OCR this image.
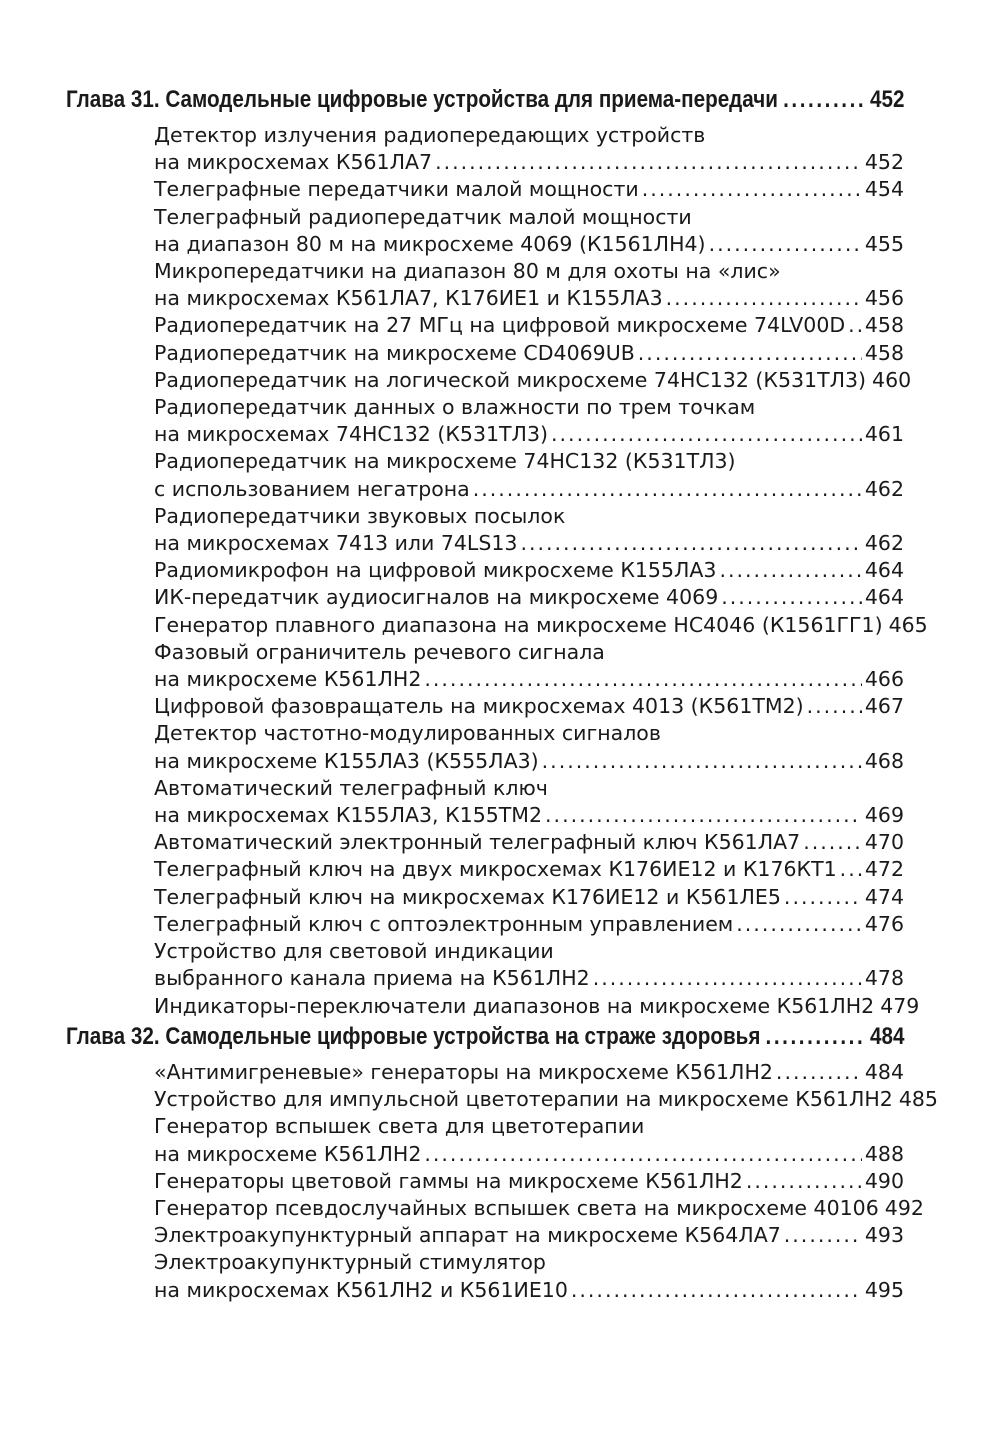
Глава 31. Самодельные цифровые устройства для приема-передачи .....	452
Детектор излучения радиопередающих устройств
на микросхемах К561ЛА7 .....	452
Телеграфные передатчики малой мощности .....	454
Телеграфный радиопередатчик малой мощности
на диапазон 80 м на микросхеме 4069 (К1561ЛН4) .....	455
Микропередатчики на диапазон 80 м для охоты на «лис»
на микросхемах К561ЛА7, К176ИЕ1 и К155ЛА3 .....	456
Радиопередатчик на 27 МГц на цифровой микросхеме 74LV00D ..... 458
Радиопередатчик на микросхеме CD4069UB .....	458
Радиопередатчик на логической микросхеме 74НС132 (К531ТЛ3) 460
Радиопередатчик данных о влажности по трем точкам
на микросхемах 74НС132 (К531ТЛ3) .....	461
Радиопередатчик на микросхеме 74НС132 (К531ТЛ3)
с использованием негатрона .....	462
Радиопередатчики звуковых посылок
на микросхемах 7413 или 74LS13 .....	462
Радиомикрофон на цифровой микросхеме К155ЛА3 .....	464
ИК-передатчик аудиосигналов на микросхеме 4069 .....	464
Генератор плавного диапазона на микросхеме НС4046 (К1561ГГ1) 465
Фазовый ограничитель речевого сигнала
на микросхеме К561ЛН2 .....	466
Цифровой фазовращатель на микросхемах 4013 (К561ТМ2) .....	467
Детектор частотно-модулированных сигналов
на микросхеме К155ЛА3 (К555ЛА3) .....	468
Автоматический телеграфный ключ
на микросхемах К155ЛА3, К155ТМ2 .....	469
Автоматический электронный телеграфный ключ К561ЛА7 .....	470
Телеграфный ключ на двух микросхемах К176ИЕ12 и К176КТ1 ..... 472
Телеграфный ключ на микросхемах К176ИЕ12 и К561ЛЕ5 .....	474
Телеграфный ключ с оптоэлектронным управлением .....	476
Устройство для световой индикации
выбранного канала приема на К561ЛН2 .....	478
Индикаторы-переключатели диапазонов на микросхеме К561ЛН2 479
Глава 32. Самодельные цифровые устройства на страже здоровья .....	484
«Антимигреневые» генераторы на микросхеме К561ЛН2 .....	484
Устройство для импульсной цветотерапии на микросхеме К561ЛН2 485
Генератор вспышек света для цветотерапии
на микросхеме К561ЛН2 .....	488
Генераторы цветовой гаммы на микросхеме К561ЛН2 .....	490
Генератор псевдослучайных вспышек света на микросхеме 40106 492
Электроакупунктурный аппарат на микросхеме К564ЛА7 .....	493
Электроакупунктурный стимулятор
на микросхемах К561ЛН2 и К561ИЕ10 .....	495
